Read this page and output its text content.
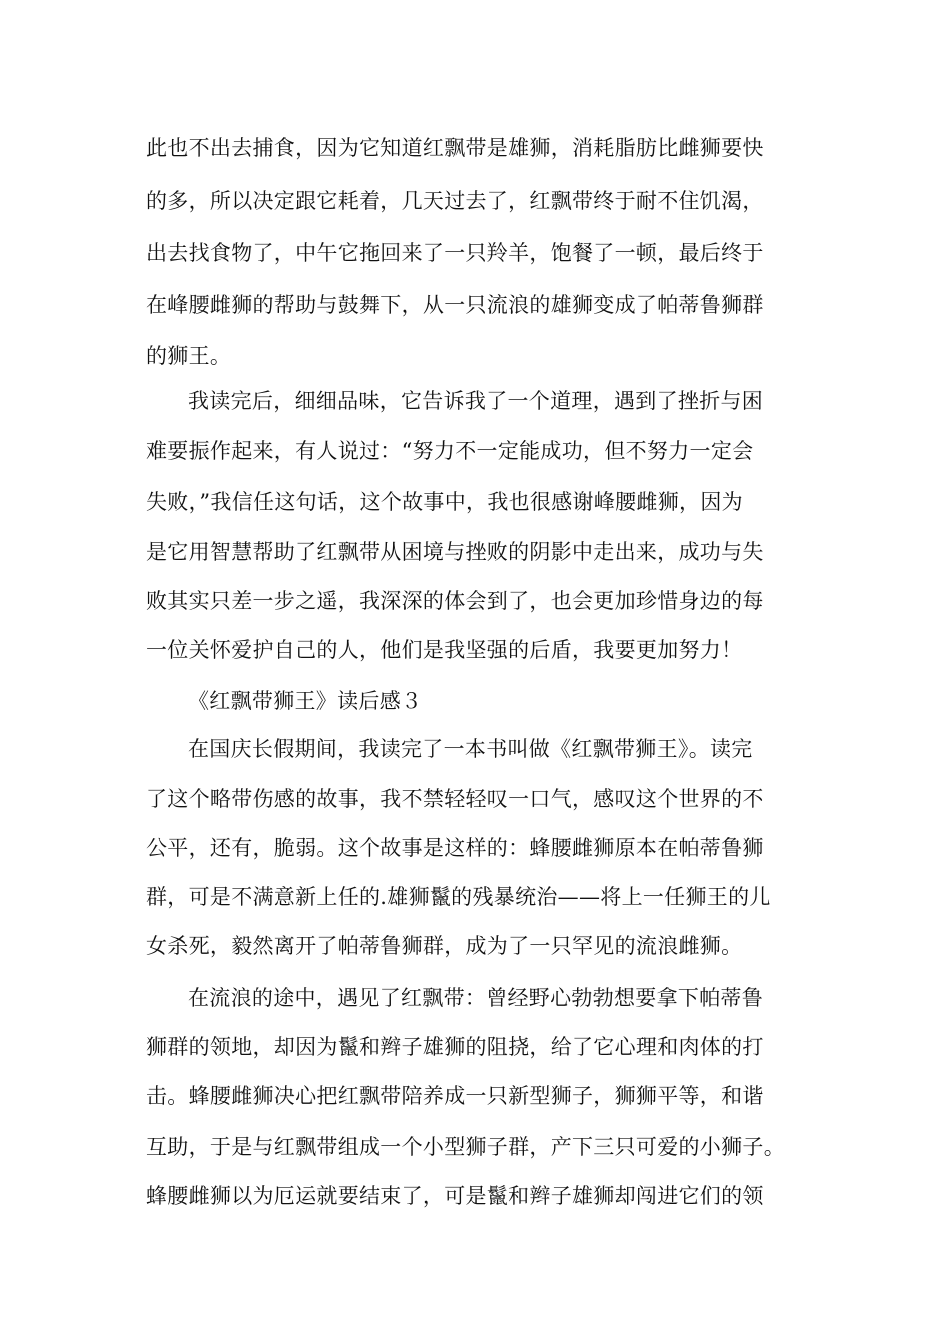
此也不出去捕食，因为它知道红飘带是雄狮，消耗脂肪比雌狮要快
的多，所以决定跟它耗着，几天过去了，红飘带终于耐不住饥渴，
出去找食物了，中午它拖回来了一只羚羊，饱餐了一顿，最后终于
在峰腰雌狮的帮助与鼓舞下，从一只流浪的雄狮变成了帕蒂鲁狮群
的狮王。
我读完后，细细品味，它告诉我了一个道理，遇到了挫折与困
难要振作起来，有人说过：“努力不一定能成功，但不努力一定会
失败，”我信任这句话，这个故事中，我也很感谢峰腰雌狮，因为
是它用智慧帮助了红飘带从困境与挫败的阴影中走出来，成功与失
败其实只差一步之遥，我深深的体会到了，也会更加珍惜身边的每
一位关怀爱护自己的人，他们是我坚强的后盾，我要更加努力！
《红飘带狮王》读后感３
在国庆长假期间，我读完了一本书叫做《红飘带狮王》。读完
了这个略带伤感的故事，我不禁轻轻叹一口气，感叹这个世界的不
公平，还有，脆弱。这个故事是这样的：蜂腰雌狮原本在帕蒂鲁狮
群，可是不满意新上任的.雄狮鬣的残暴统治——将上一任狮王的儿
女杀死，毅然离开了帕蒂鲁狮群，成为了一只罕见的流浪雌狮。
在流浪的途中，遇见了红飘带：曾经野心勃勃想要拿下帕蒂鲁
狮群的领地，却因为鬣和辫子雄狮的阻挠，给了它心理和肉体的打
击。蜂腰雌狮决心把红飘带陪养成一只新型狮子，狮狮平等，和谐
互助，于是与红飘带组成一个小型狮子群，产下三只可爱的小狮子。
蜂腰雌狮以为厄运就要结束了，可是鬣和辫子雄狮却闯进它们的领
